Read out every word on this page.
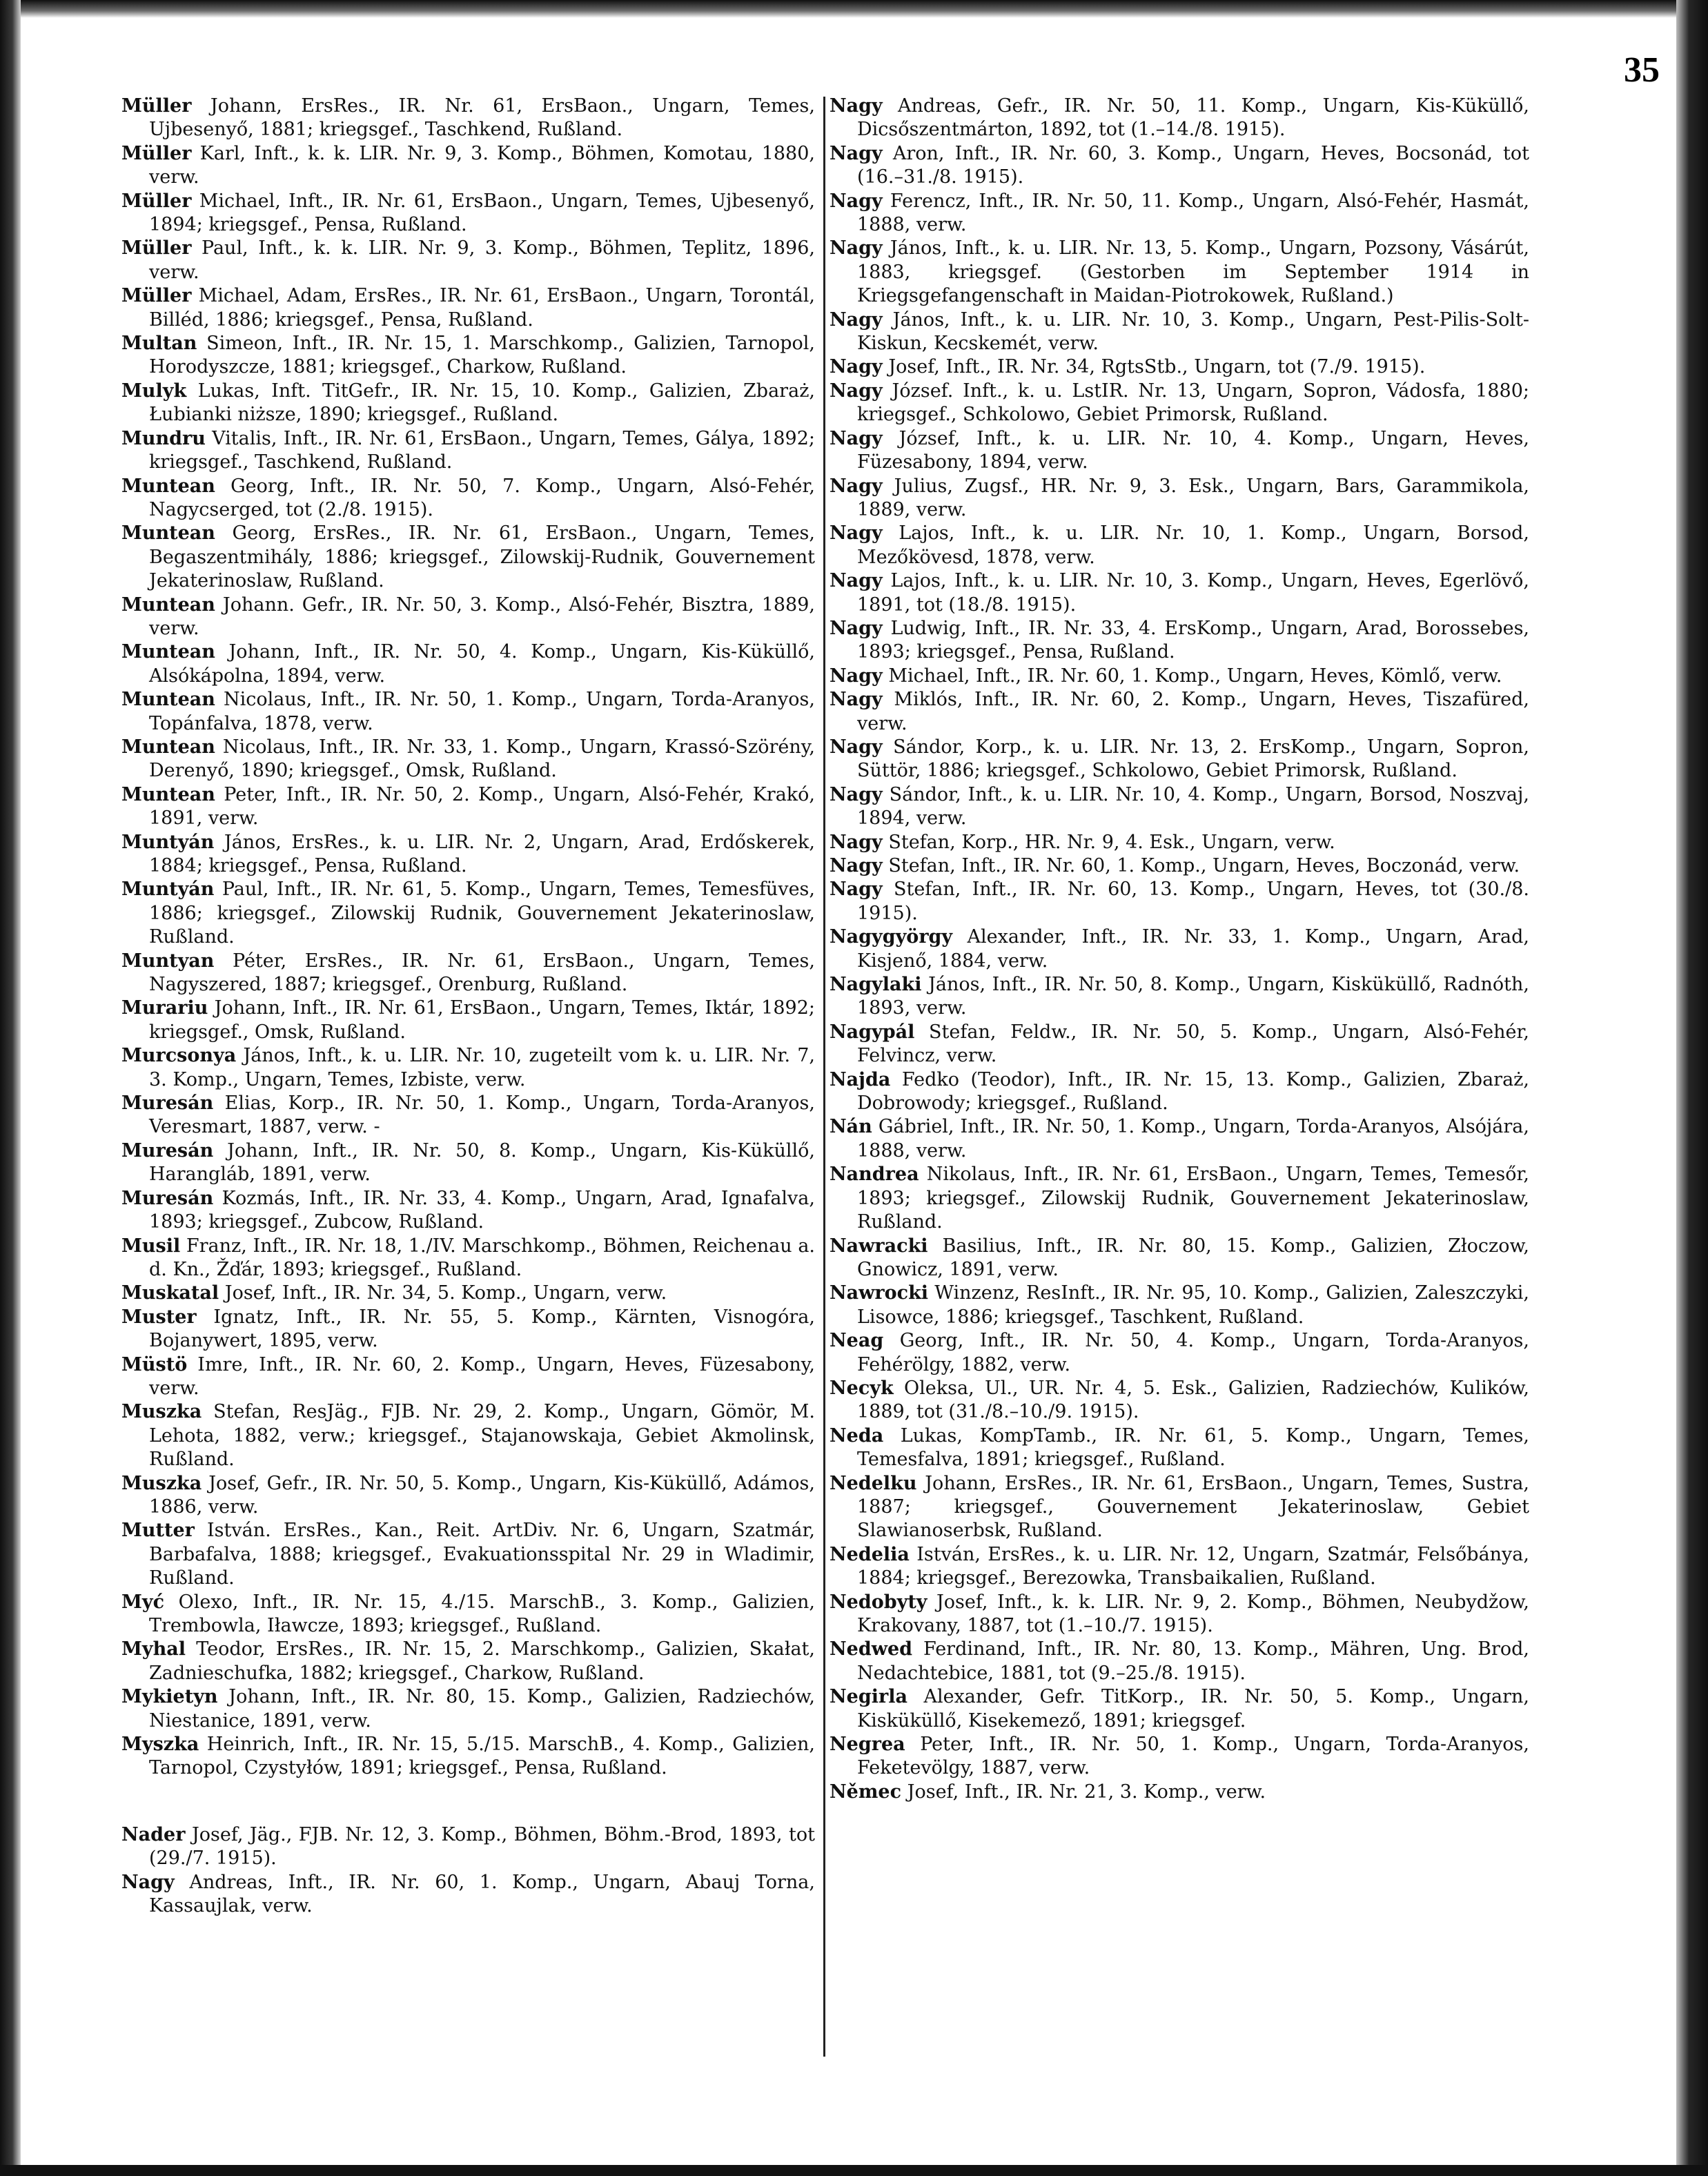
35

Müller Johann, ErsRes., IR. Nr. 61, ErsBaon., Ungarn, Temes, Ujbesenyő, 1881; kriegsgef., Taschkend, Rußland.

Müller Karl, Inft., k. k. LIR. Nr. 9, 3. Komp., Böhmen, Komotau, 1880, verw.

Müller Michael, Inft., IR. Nr. 61, ErsBaon., Ungarn, Temes, Ujbesenyő, 1894; kriegsgef., Pensa, Rußland.

Müller Paul, Inft., k. k. LIR. Nr. 9, 3. Komp., Böhmen, Teplitz, 1896, verw.

Müller Michael, Adam, ErsRes., IR. Nr. 61, ErsBaon., Ungarn, Torontál, Billéd, 1886; kriegsgef., Pensa, Rußland.

Multan Simeon, Inft., IR. Nr. 15, 1. Marschkomp., Galizien, Tarnopol, Horodyszcze, 1881; kriegsgef., Charkow, Rußland.

Mulyk Lukas, Inft. TitGefr., IR. Nr. 15, 10. Komp., Galizien, Zbaraż, Łubianki niższe, 1890; kriegsgef., Rußland.

Mundru Vitalis, Inft., IR. Nr. 61, ErsBaon., Ungarn, Temes, Gálya, 1892; kriegsgef., Taschkend, Rußland.

Muntean Georg, Inft., IR. Nr. 50, 7. Komp., Ungarn, Alsó-Fehér, Nagycserged, tot (2./8. 1915).

Muntean Georg, ErsRes., IR. Nr. 61, ErsBaon., Ungarn, Temes, Begaszentmihály, 1886; kriegsgef., Zilowskij-Rudnik, Gouvernement Jekaterinoslaw, Rußland.

Muntean Johann. Gefr., IR. Nr. 50, 3. Komp., Alsó-Fehér, Bisztra, 1889, verw.

Muntean Johann, Inft., IR. Nr. 50, 4. Komp., Ungarn, Kis-Küküllő, Alsókápolna, 1894, verw.

Muntean Nicolaus, Inft., IR. Nr. 50, 1. Komp., Ungarn, Torda-Aranyos, Topánfalva, 1878, verw.

Muntean Nicolaus, Inft., IR. Nr. 33, 1. Komp., Ungarn, Krassó-Szörény, Derenyő, 1890; kriegsgef., Omsk, Rußland.

Muntean Peter, Inft., IR. Nr. 50, 2. Komp., Ungarn, Alsó-Fehér, Krakó, 1891, verw.

Muntyán János, ErsRes., k. u. LIR. Nr. 2, Ungarn, Arad, Erdőskerek, 1884; kriegsgef., Pensa, Rußland.

Muntyán Paul, Inft., IR. Nr. 61, 5. Komp., Ungarn, Temes, Temesfüves, 1886; kriegsgef., Zilowskij Rudnik, Gouvernement Jekaterinoslaw, Rußland.

Muntyan Péter, ErsRes., IR. Nr. 61, ErsBaon., Ungarn, Temes, Nagyszered, 1887; kriegsgef., Orenburg, Rußland.

Murariu Johann, Inft., IR. Nr. 61, ErsBaon., Ungarn, Temes, Iktár, 1892; kriegsgef., Omsk, Rußland.

Murcsonya János, Inft., k. u. LIR. Nr. 10, zugeteilt vom k. u. LIR. Nr. 7, 3. Komp., Ungarn, Temes, Izbiste, verw.

Muresán Elias, Korp., IR. Nr. 50, 1. Komp., Ungarn, Torda-Aranyos, Veresmart, 1887, verw. -

Muresán Johann, Inft., IR. Nr. 50, 8. Komp., Ungarn, Kis-Küküllő, Harangláb, 1891, verw.

Muresán Kozmás, Inft., IR. Nr. 33, 4. Komp., Ungarn, Arad, Ignafalva, 1893; kriegsgef., Zubcow, Rußland.

Musil Franz, Inft., IR. Nr. 18, 1./IV. Marschkomp., Böhmen, Reichenau a. d. Kn., Žďár, 1893; kriegsgef., Rußland.

Muskatal Josef, Inft., IR. Nr. 34, 5. Komp., Ungarn, verw.

Muster Ignatz, Inft., IR. Nr. 55, 5. Komp., Kärnten, Visnogóra, Bojanywert, 1895, verw.

Müstö Imre, Inft., IR. Nr. 60, 2. Komp., Ungarn, Heves, Füzesabony, verw.

Muszka Stefan, ResJäg., FJB. Nr. 29, 2. Komp., Ungarn, Gömör, M. Lehota, 1882, verw.; kriegsgef., Stajanowskaja, Gebiet Akmolinsk, Rußland.

Muszka Josef, Gefr., IR. Nr. 50, 5. Komp., Ungarn, Kis-Küküllő, Adámos, 1886, verw.

Mutter István. ErsRes., Kan., Reit. ArtDiv. Nr. 6, Ungarn, Szatmár, Barbafalva, 1888; kriegsgef., Evakuationsspital Nr. 29 in Wladimir, Rußland.

Myć Olexo, Inft., IR. Nr. 15, 4./15. MarschB., 3. Komp., Galizien, Trembowla, Iławcze, 1893; kriegsgef., Rußland.

Myhal Teodor, ErsRes., IR. Nr. 15, 2. Marschkomp., Galizien, Skałat, Zadnieschufka, 1882; kriegsgef., Charkow, Rußland.

Mykietyn Johann, Inft., IR. Nr. 80, 15. Komp., Galizien, Radziechów, Niestanice, 1891, verw.

Myszka Heinrich, Inft., IR. Nr. 15, 5./15. MarschB., 4. Komp., Galizien, Tarnopol, Czystyłów, 1891; kriegsgef., Pensa, Rußland.

Nader Josef, Jäg., FJB. Nr. 12, 3. Komp., Böhmen, Böhm.-Brod, 1893, tot (29./7. 1915).

Nagy Andreas, Inft., IR. Nr. 60, 1. Komp., Ungarn, Abauj Torna, Kassaujlak, verw.

Nagy Andreas, Gefr., IR. Nr. 50, 11. Komp., Ungarn, Kis-Küküllő, Dicsőszentmárton, 1892, tot (1.–14./8. 1915).

Nagy Aron, Inft., IR. Nr. 60, 3. Komp., Ungarn, Heves, Bocsonád, tot (16.–31./8. 1915).

Nagy Ferencz, Inft., IR. Nr. 50, 11. Komp., Ungarn, Alsó-Fehér, Hasmát, 1888, verw.

Nagy János, Inft., k. u. LIR. Nr. 13, 5. Komp., Ungarn, Pozsony, Vásárút, 1883, kriegsgef. (Gestorben im September 1914 in Kriegsgefangenschaft in Maidan-Piotrokowek, Rußland.)

Nagy János, Inft., k. u. LIR. Nr. 10, 3. Komp., Ungarn, Pest-Pilis-Solt-Kiskun, Kecskemét, verw.

Nagy Josef, Inft., IR. Nr. 34, RgtsStb., Ungarn, tot (7./9. 1915).

Nagy József. Inft., k. u. LstIR. Nr. 13, Ungarn, Sopron, Vádosfa, 1880; kriegsgef., Schkolowo, Gebiet Primorsk, Rußland.

Nagy József, Inft., k. u. LIR. Nr. 10, 4. Komp., Ungarn, Heves, Füzesabony, 1894, verw.

Nagy Julius, Zugsf., HR. Nr. 9, 3. Esk., Ungarn, Bars, Garammikola, 1889, verw.

Nagy Lajos, Inft., k. u. LIR. Nr. 10, 1. Komp., Ungarn, Borsod, Mezőkövesd, 1878, verw.

Nagy Lajos, Inft., k. u. LIR. Nr. 10, 3. Komp., Ungarn, Heves, Egerlövő, 1891, tot (18./8. 1915).

Nagy Ludwig, Inft., IR. Nr. 33, 4. ErsKomp., Ungarn, Arad, Borossebes, 1893; kriegsgef., Pensa, Rußland.

Nagy Michael, Inft., IR. Nr. 60, 1. Komp., Ungarn, Heves, Kömlő, verw.

Nagy Miklós, Inft., IR. Nr. 60, 2. Komp., Ungarn, Heves, Tiszafüred, verw.

Nagy Sándor, Korp., k. u. LIR. Nr. 13, 2. ErsKomp., Ungarn, Sopron, Süttör, 1886; kriegsgef., Schkolowo, Gebiet Primorsk, Rußland.

Nagy Sándor, Inft., k. u. LIR. Nr. 10, 4. Komp., Ungarn, Borsod, Noszvaj, 1894, verw.

Nagy Stefan, Korp., HR. Nr. 9, 4. Esk., Ungarn, verw.

Nagy Stefan, Inft., IR. Nr. 60, 1. Komp., Ungarn, Heves, Boczonád, verw.

Nagy Stefan, Inft., IR. Nr. 60, 13. Komp., Ungarn, Heves, tot (30./8. 1915).

Nagygyörgy Alexander, Inft., IR. Nr. 33, 1. Komp., Ungarn, Arad, Kisjenő, 1884, verw.

Nagylaki János, Inft., IR. Nr. 50, 8. Komp., Ungarn, Kisküküllő, Radnóth, 1893, verw.

Nagypál Stefan, Feldw., IR. Nr. 50, 5. Komp., Ungarn, Alsó-Fehér, Felvincz, verw.

Najda Fedko (Teodor), Inft., IR. Nr. 15, 13. Komp., Galizien, Zbaraż, Dobrowody; kriegsgef., Rußland.

Nán Gábriel, Inft., IR. Nr. 50, 1. Komp., Ungarn, Torda-Aranyos, Alsójára, 1888, verw.

Nandrea Nikolaus, Inft., IR. Nr. 61, ErsBaon., Ungarn, Temes, Temesőr, 1893; kriegsgef., Zilowskij Rudnik, Gouvernement Jekaterinoslaw, Rußland.

Nawracki Basilius, Inft., IR. Nr. 80, 15. Komp., Galizien, Złoczow, Gnowicz, 1891, verw.

Nawrocki Winzenz, ResInft., IR. Nr. 95, 10. Komp., Galizien, Zaleszczyki, Lisowce, 1886; kriegsgef., Taschkent, Rußland.

Neag Georg, Inft., IR. Nr. 50, 4. Komp., Ungarn, Torda-Aranyos, Fehérölgy, 1882, verw.

Necyk Oleksa, Ul., UR. Nr. 4, 5. Esk., Galizien, Radziechów, Kulików, 1889, tot (31./8.–10./9. 1915).

Neda Lukas, KompTamb., IR. Nr. 61, 5. Komp., Ungarn, Temes, Temesfalva, 1891; kriegsgef., Rußland.

Nedelku Johann, ErsRes., IR. Nr. 61, ErsBaon., Ungarn, Temes, Sustra, 1887; kriegsgef., Gouvernement Jekaterinoslaw, Gebiet Slawianoserbsk, Rußland.

Nedelia István, ErsRes., k. u. LIR. Nr. 12, Ungarn, Szatmár, Felsőbánya, 1884; kriegsgef., Berezowka, Transbaikalien, Rußland.

Nedobyty Josef, Inft., k. k. LIR. Nr. 9, 2. Komp., Böhmen, Neubydžow, Krakovany, 1887, tot (1.–10./7. 1915).

Nedwed Ferdinand, Inft., IR. Nr. 80, 13. Komp., Mähren, Ung. Brod, Nedachtebice, 1881, tot (9.–25./8. 1915).

Negirla Alexander, Gefr. TitKorp., IR. Nr. 50, 5. Komp., Ungarn, Kisküküllő, Kisekemező, 1891; kriegsgef.

Negrea Peter, Inft., IR. Nr. 50, 1. Komp., Ungarn, Torda-Aranyos, Feketevölgy, 1887, verw.

Němec Josef, Inft., IR. Nr. 21, 3. Komp., verw.
